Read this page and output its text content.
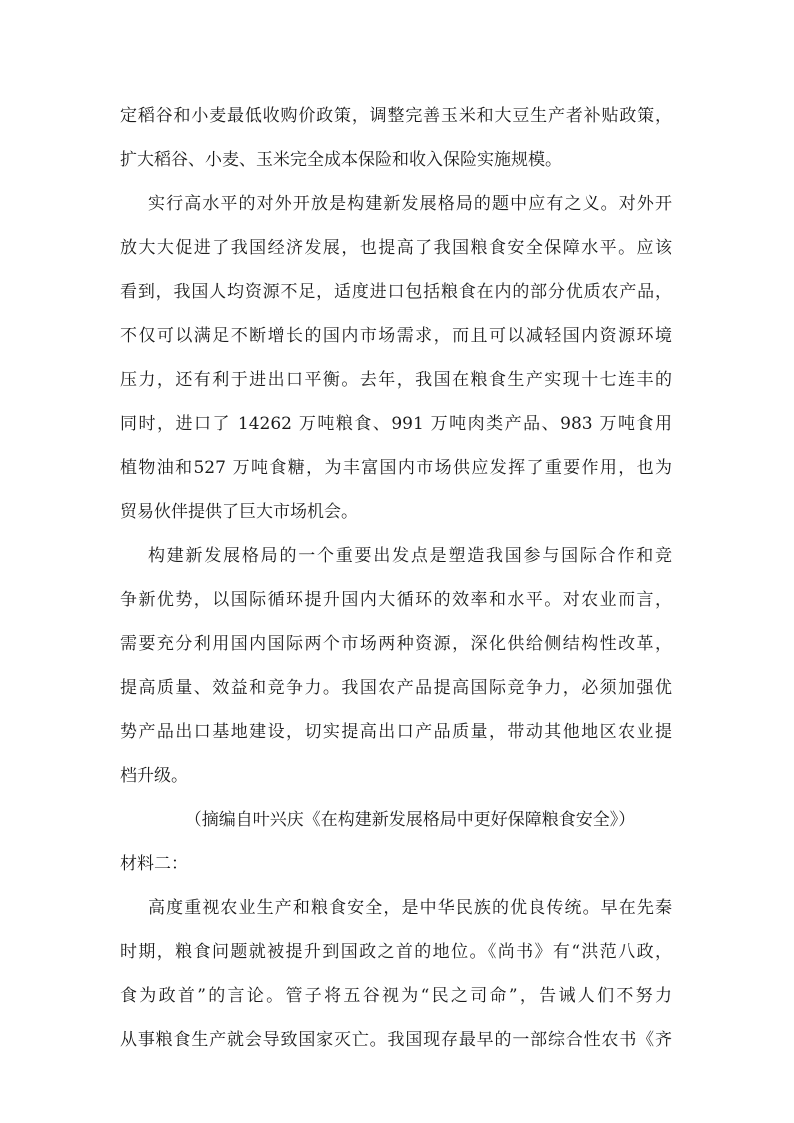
定稻谷和小麦最低收购价政策，调整完善玉米和大豆生产者补贴政策，
扩大稻谷、小麦、玉米完全成本保险和收入保险实施规模。
实行高水平的对外开放是构建新发展格局的题中应有之义。对外开
放大大促进了我国经济发展，也提高了我国粮食安全保障水平。应该
看到，我国人均资源不足，适度进口包括粮食在内的部分优质农产品，
不仅可以满足不断增长的国内市场需求，而且可以减轻国内资源环境
压力，还有利于进出口平衡。去年，我国在粮食生产实现十七连丰的
同时，进口了 14262 万吨粮食、991 万吨肉类产品、983 万吨食用
植物油和527 万吨食糖，为丰富国内市场供应发挥了重要作用，也为
贸易伙伴提供了巨大市场机会。
构建新发展格局的一个重要出发点是塑造我国参与国际合作和竞
争新优势，以国际循环提升国内大循环的效率和水平。对农业而言，
需要充分利用国内国际两个市场两种资源，深化供给侧结构性改革，
提高质量、效益和竞争力。我国农产品提高国际竞争力，必须加强优
势产品出口基地建设，切实提高出口产品质量，带动其他地区农业提
档升级。
（摘编自叶兴庆《在构建新发展格局中更好保障粮食安全》）
材料二：
高度重视农业生产和粮食安全，是中华民族的优良传统。早在先秦
时期，粮食问题就被提升到国政之首的地位。《尚书》有“洪范八政，
食为政首”的言论。管子将五谷视为“民之司命”，告诫人们不努力
从事粮食生产就会导致国家灭亡。我国现存最早的一部综合性农书《齐
